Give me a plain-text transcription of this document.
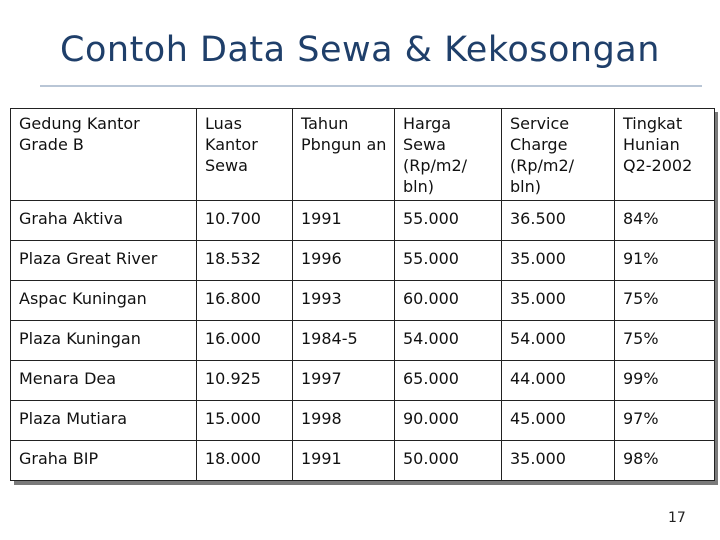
Contoh Data Sewa & Kekosongan
Gedung Kantor Grade B	Luas Kantor Sewa	Tahun Pbngun an	Harga Sewa (Rp/m2/ bln)	Service Charge (Rp/m2/ bln)	Tingkat Hunian Q2-2002
Graha Aktiva	10.700	1991	55.000	36.500	84%
Plaza Great River	18.532	1996	55.000	35.000	91%
Aspac Kuningan	16.800	1993	60.000	35.000	75%
Plaza Kuningan	16.000	1984-5	54.000	54.000	75%
Menara Dea	10.925	1997	65.000	44.000	99%
Plaza Mutiara	15.000	1998	90.000	45.000	97%
Graha BIP	18.000	1991	50.000	35.000	98%
17
